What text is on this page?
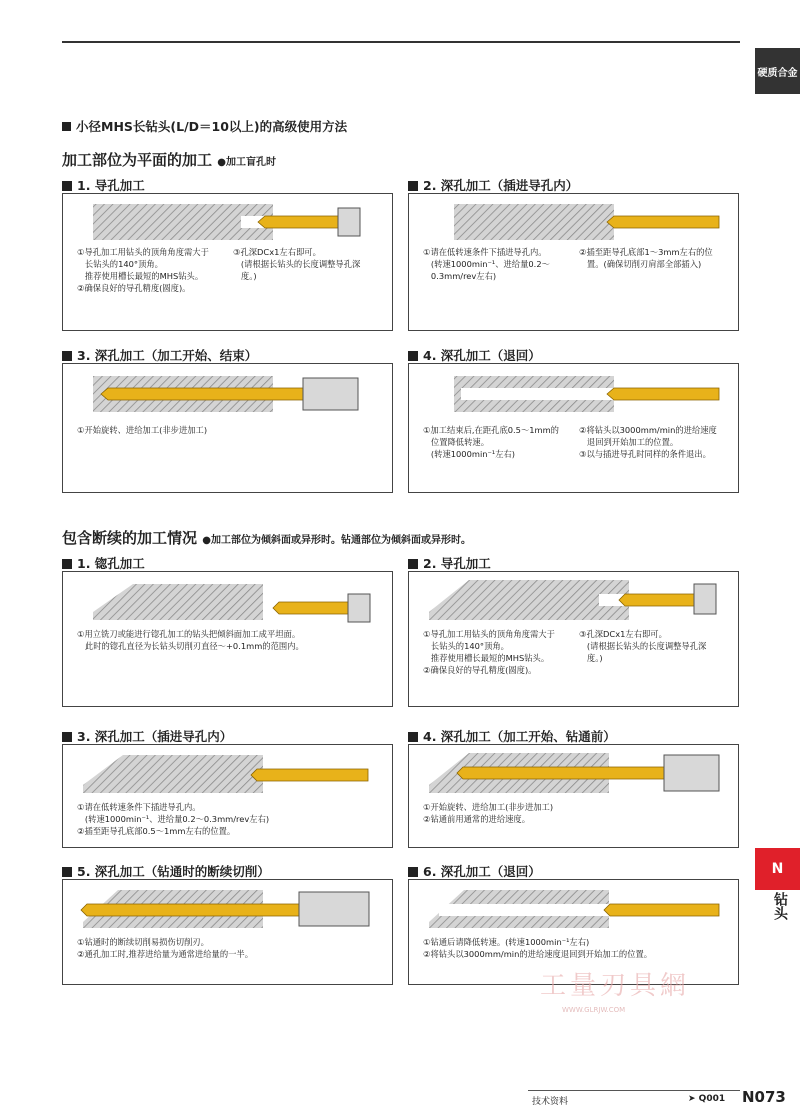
硬质合金
小径MHS长钻头(L/D＝10以上)的高级使用方法
加工部位为平面的加工 ● 加工盲孔时
包含断续的加工情况 ● 加工部位为倾斜面或异形时。钻通部位为倾斜面或异形时。
1. 导孔加工
①导孔加工用钻头的顶角角度需大于
长钻头的140°顶角。
推荐使用槽长最短的MHS钻头。
②确保良好的导孔精度(圆度)。
③孔深DCx1左右即可。
(请根据长钻头的长度调整导孔深
度。)
2. 深孔加工（插进导孔内）
①请在低转速条件下插进导孔内。
(转速1000min⁻¹、进给量0.2～
0.3mm/rev左右)
②插至距导孔底部1～3mm左右的位
置。(确保切削刃肩部全部插入)
3. 深孔加工（加工开始、结束）
①开始旋转、进给加工(非步进加工)
4. 深孔加工（退回）
①加工结束后,在距孔底0.5～1mm的
位置降低转速。
(转速1000min⁻¹左右)
②将钻头以3000mm/min的进给速度
退回到开始加工的位置。
③以与插进导孔时同样的条件退出。
1. 锪孔加工
①用立铣刀或能进行锪孔加工的钻头把倾斜面加工成平坦面。
此时的锪孔直径为长钻头切削刃直径～+0.1mm的范围内。
2. 导孔加工
①导孔加工用钻头的顶角角度需大于
长钻头的140°顶角。
推荐使用槽长最短的MHS钻头。
②确保良好的导孔精度(圆度)。
③孔深DCx1左右即可。
(请根据长钻头的长度调整导孔深
度。)
3. 深孔加工（插进导孔内）
①请在低转速条件下插进导孔内。
(转速1000min⁻¹、进给量0.2～0.3mm/rev左右)
②插至距导孔底部0.5～1mm左右的位置。
4. 深孔加工（加工开始、钻通前）
①开始旋转、进给加工(非步进加工)
②钻通前用通常的进给速度。
5. 深孔加工（钻通时的断续切削）
①钻通时的断续切削易损伤切削刃。
②通孔加工时,推荐进给量为通常进给量的一半。
6. 深孔加工（退回）
①钻通后请降低转速。(转速1000min⁻¹左右)
②将钻头以3000mm/min的进给速度退回到开始加工的位置。
N
钻头
工量刃具網
WWW.GLRJW.COM
技术资料	➤ Q001 N073
